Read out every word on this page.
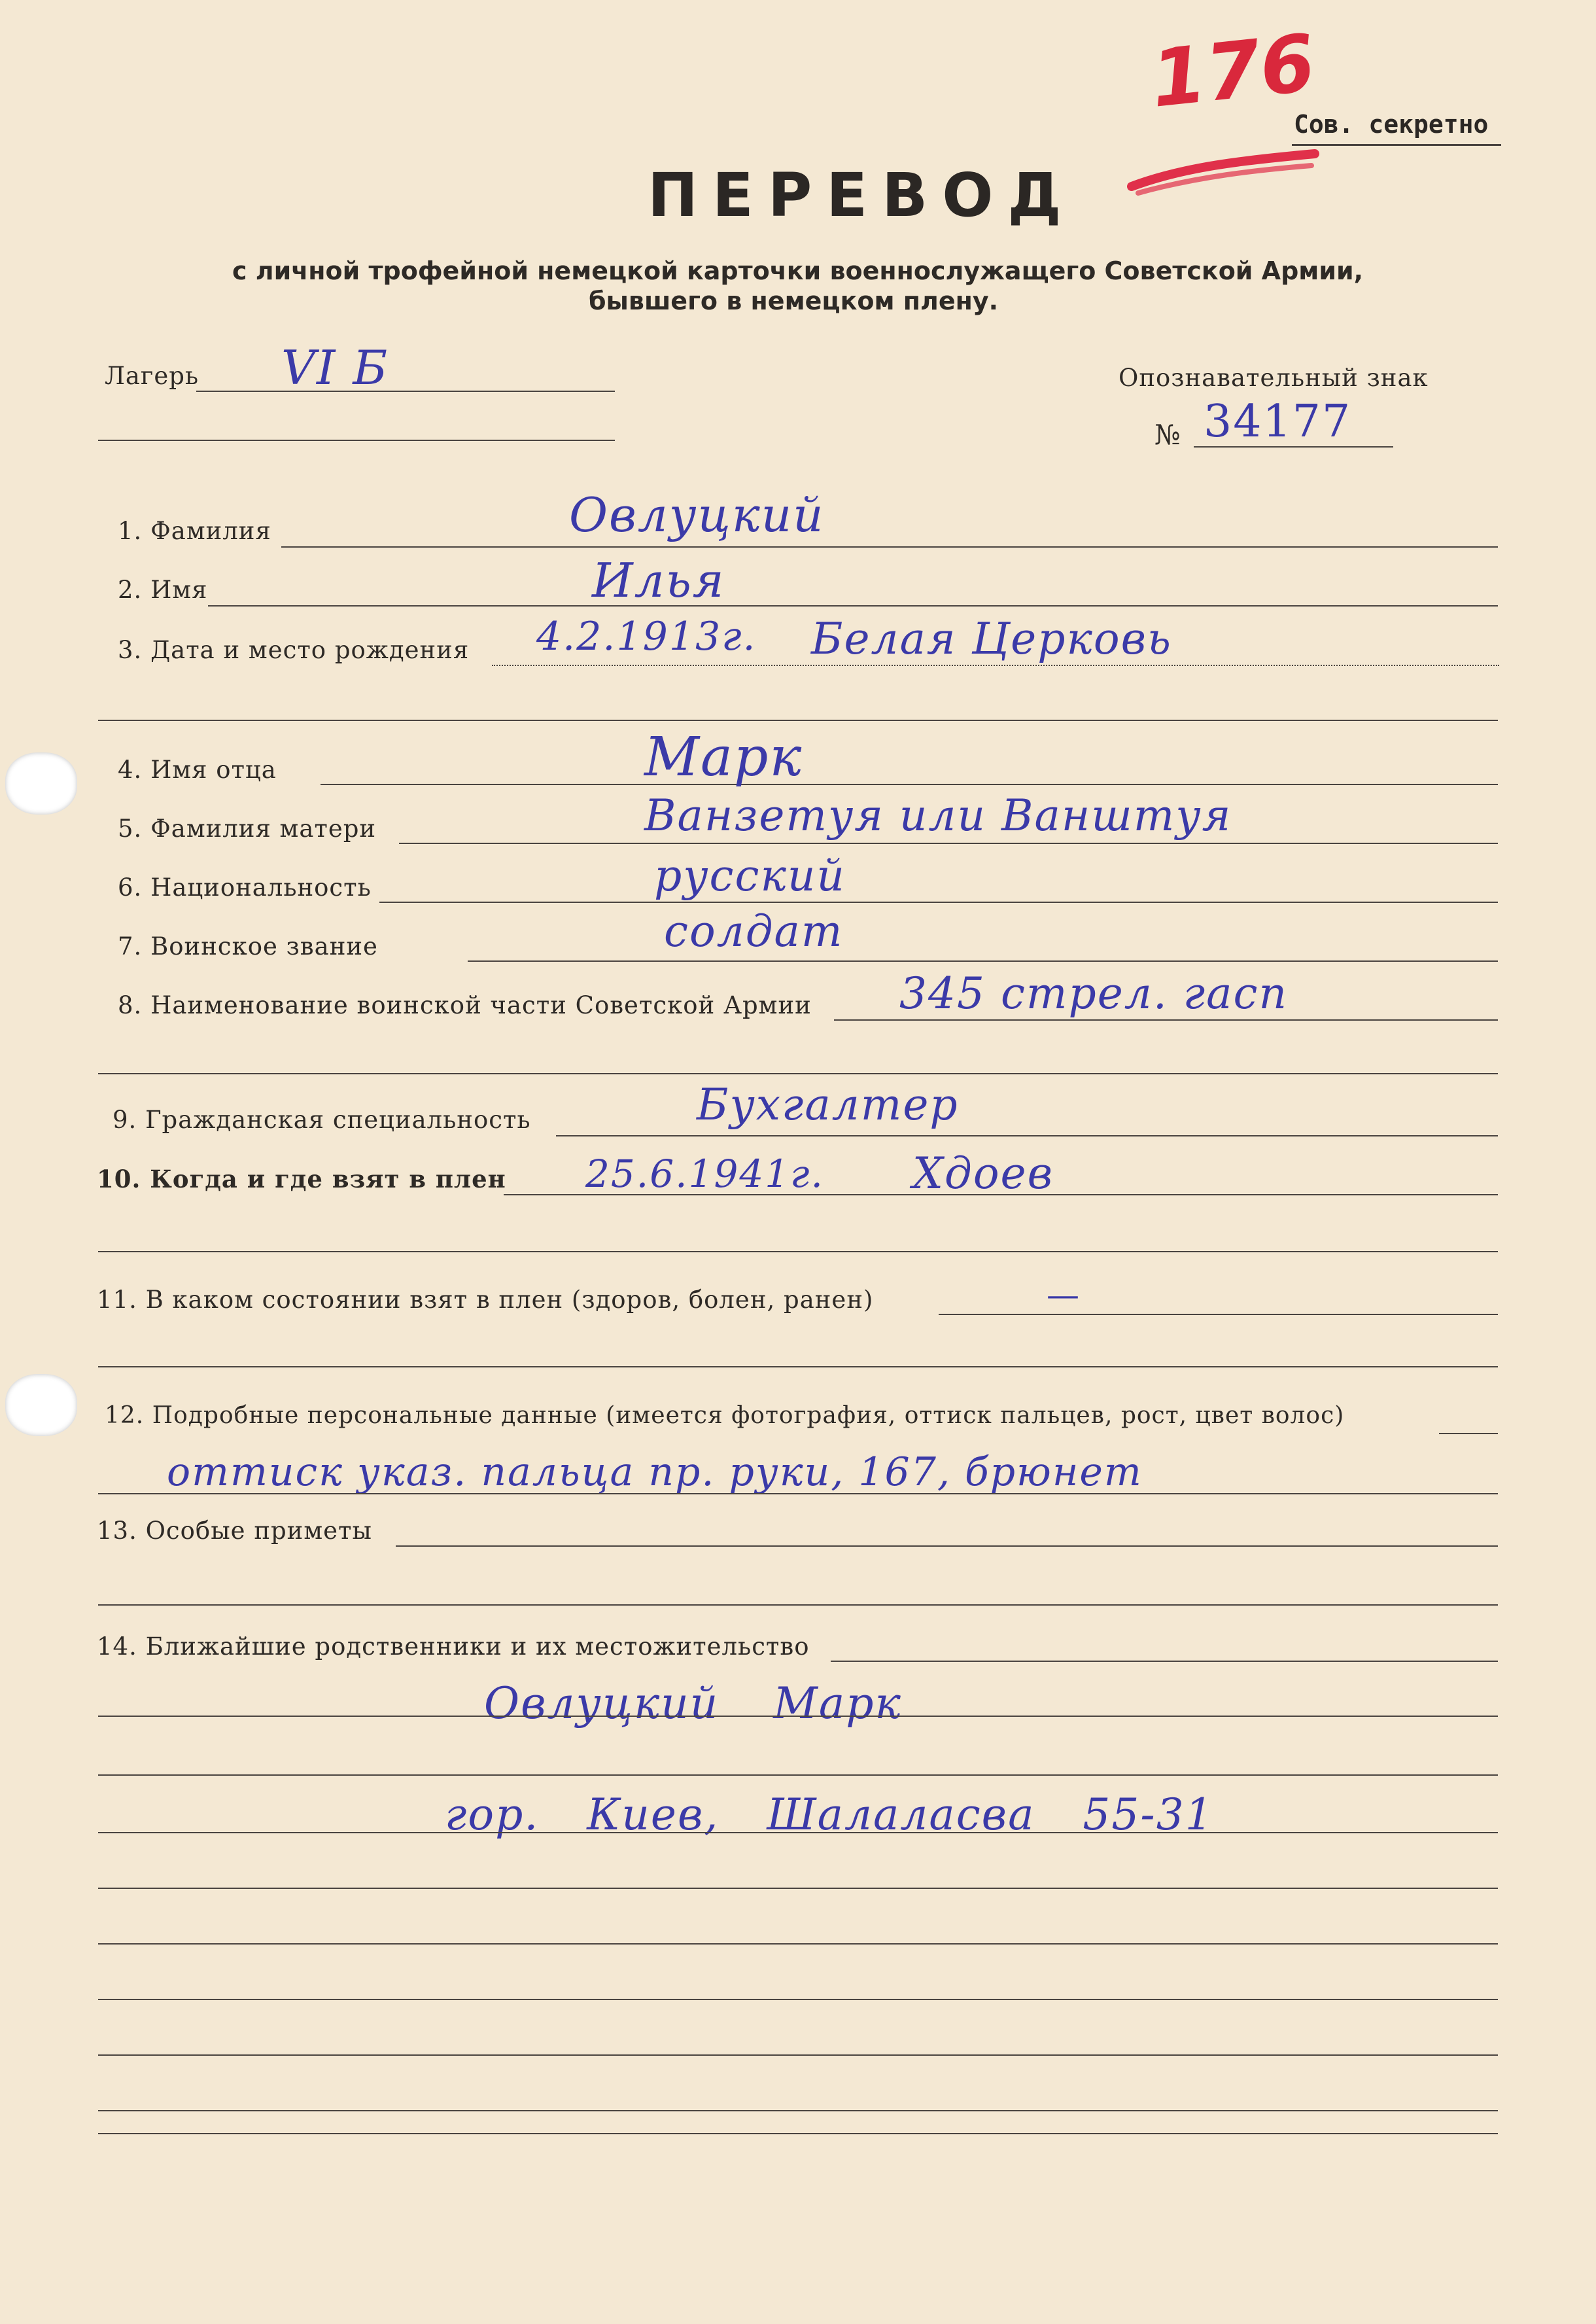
176
Сов. секретно
ПЕРЕВОД
с личной трофейной немецкой карточки военнослужащего Советской Армии,
бывшего в немецком плену.
Лагерь VI Б	Опознавательный знак
№ 34177
1. Фамилия	Овлуцкий
2. Имя	Илья
3. Дата и место рождения 4.2.1913г. Белая Церковь
4. Имя отца	Марк
5. Фамилия матери	Ванзетуя или Ванштуя
6. Национальность	русский
7. Воинское звание	солдат
8. Наименование воинской части Советской Армии 345 стрел. гасп
9. Гражданская специальность	Бухгалтер
10. Когда и где взят в плен 25.6.1941г. Хдоев
11. В каком состоянии взят в плен (здоров, болен, ранен)	—
12. Подробные персональные данные (имеется фотография, оттиск пальцев, рост, цвет волос)
оттиск указ. пальца пр. руки, 167, брюнет
13. Особые приметы
14. Ближайшие родственники и их местожительство
Овлуцкий Марк
гор. Киев, Шалаласва 55-31
